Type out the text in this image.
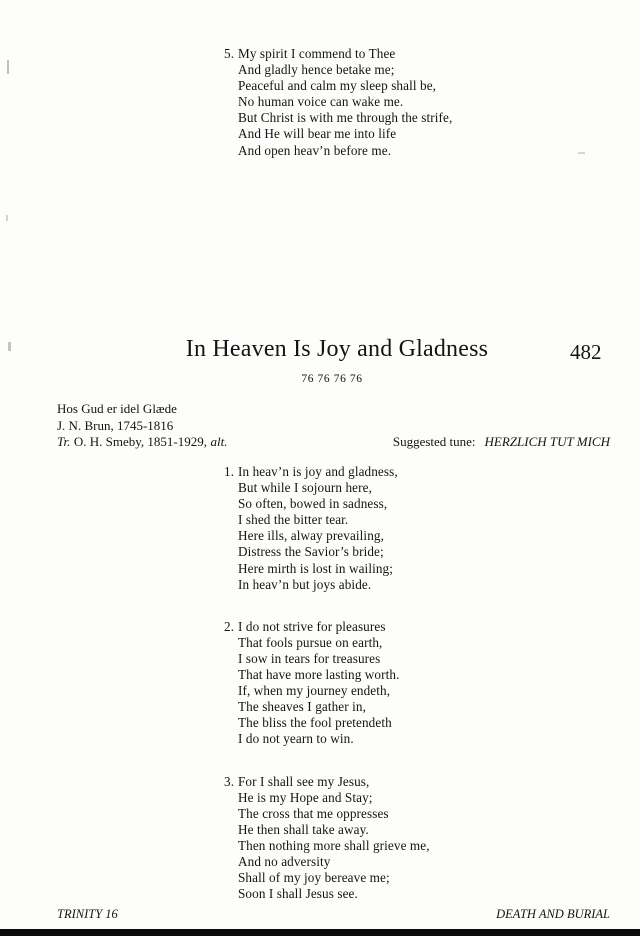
5. My spirit I commend to Thee
And gladly hence betake me;
Peaceful and calm my sleep shall be,
No human voice can wake me.
But Christ is with me through the strife,
And He will bear me into life
And open heav’n before me.
In Heaven Is Joy and Gladness	482
76 76 76 76
Hos Gud er idel Glæde
J. N. Brun, 1745-1816
Tr. O. H. Smeby, 1851-1929, alt.	Suggested tune: HERZLICH TUT MICH
1. In heav’n is joy and gladness,
But while I sojourn here,
So often, bowed in sadness,
I shed the bitter tear.
Here ills, alway prevailing,
Distress the Savior’s bride;
Here mirth is lost in wailing;
In heav’n but joys abide.
2. I do not strive for pleasures
That fools pursue on earth,
I sow in tears for treasures
That have more lasting worth.
If, when my journey endeth,
The sheaves I gather in,
The bliss the fool pretendeth
I do not yearn to win.
3. For I shall see my Jesus,
He is my Hope and Stay;
The cross that me oppresses
He then shall take away.
Then nothing more shall grieve me,
And no adversity
Shall of my joy bereave me;
Soon I shall Jesus see.
TRINITY 16	DEATH AND BURIAL
